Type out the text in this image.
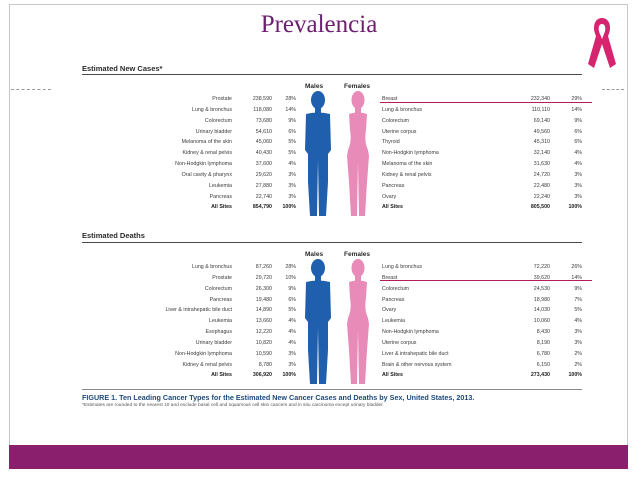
Prevalencia
Estimated New Cases*
Males	Females
Prostate	238,590	28%
Lung & bronchus	118,080	14%
Colorectum	73,680	9%
Urinary bladder	54,610	6%
Melanoma of the skin	45,060	5%
Kidney & renal pelvis	40,430	5%
Non-Hodgkin lymphoma	37,600	4%
Oral cavity & pharynx	29,620	3%
Leukemia	27,880	3%
Pancreas	22,740	3%
All Sites	854,790	100%
Breast	232,340	29%
Lung & bronchus	110,110	14%
Colorectum	69,140	9%
Uterine corpus	49,560	6%
Thyroid	45,310	6%
Non-Hodgkin lymphoma	32,140	4%
Melanoma of the skin	31,630	4%
Kidney & renal pelvis	24,720	3%
Pancreas	22,480	3%
Ovary	22,240	3%
All Sites	805,500	100%
Estimated Deaths
Males	Females
Lung & bronchus	87,260	28%
Prostate	29,720	10%
Colorectum	26,300	9%
Pancreas	19,480	6%
Liver & intrahepatic bile duct	14,890	5%
Leukemia	13,660	4%
Esophagus	12,220	4%
Urinary bladder	10,820	4%
Non-Hodgkin lymphoma	10,590	3%
Kidney & renal pelvis	8,780	3%
All Sites	306,920	100%
Lung & bronchus	72,220	26%
Breast	39,620	14%
Colorectum	24,530	9%
Pancreas	18,980	7%
Ovary	14,030	5%
Leukemia	10,060	4%
Non-Hodgkin lymphoma	8,430	3%
Uterine corpus	8,190	3%
Liver & intrahepatic bile duct	6,780	2%
Brain & other nervous system	6,150	2%
All Sites	273,430	100%
FIGURE 1. Ten Leading Cancer Types for the Estimated New Cancer Cases and Deaths by Sex, United States, 2013.
*Estimates are rounded to the nearest 10 and exclude basal cell and squamous cell skin cancers and in situ carcinoma except urinary bladder.
